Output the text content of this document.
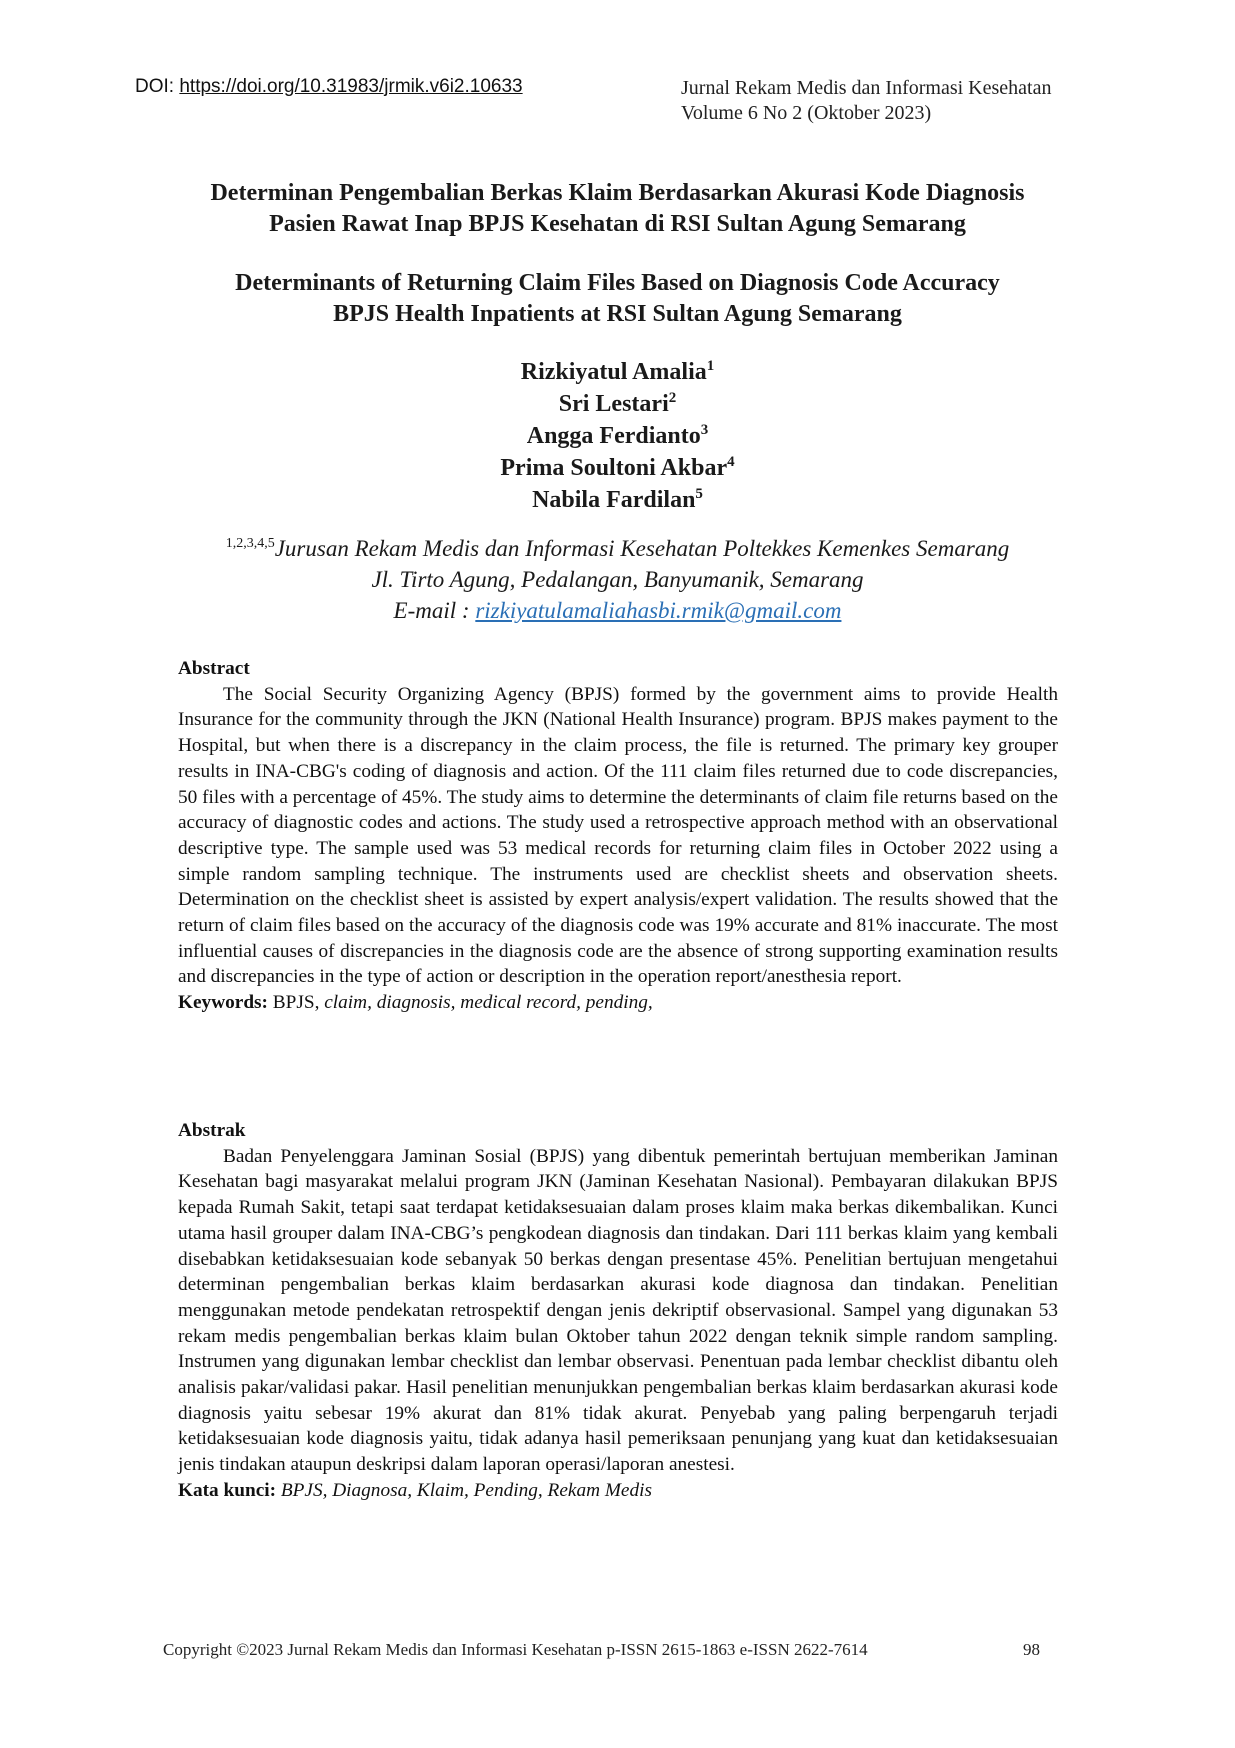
DOI: https://doi.org/10.31983/jrmik.v6i2.10633	Jurnal Rekam Medis dan Informasi Kesehatan
Volume 6 No 2 (Oktober 2023)
Determinan Pengembalian Berkas Klaim Berdasarkan Akurasi Kode Diagnosis
Pasien Rawat Inap BPJS Kesehatan di RSI Sultan Agung Semarang
Determinants of Returning Claim Files Based on Diagnosis Code Accuracy
BPJS Health Inpatients at RSI Sultan Agung Semarang
Rizkiyatul Amalia$^1$
Sri Lestari$^2$
Angga Ferdianto$^3$
Prima Soultoni Akbar$^4$
Nabila Fardilan$^5$
$^{1,2,3,4,5}$Jurusan Rekam Medis dan Informasi Kesehatan Poltekkes Kemenkes Semarang
Jl. Tirto Agung, Pedalangan, Banyumanik, Semarang
E-mail : rizkiyatulamaliahasbi.rmik@gmail.com
Abstract

The Social Security Organizing Agency (BPJS) formed by the government aims to provide Health Insurance for the community through the JKN (National Health Insurance) program. BPJS makes payment to the Hospital, but when there is a discrepancy in the claim process, the file is returned. The primary key grouper results in INA-CBG's coding of diagnosis and action. Of the 111 claim files returned due to code discrepancies, 50 files with a percentage of 45%. The study aims to determine the determinants of claim file returns based on the accuracy of diagnostic codes and actions. The study used a retrospective approach method with an observational descriptive type. The sample used was 53 medical records for returning claim files in October 2022 using a simple random sampling technique. The instruments used are checklist sheets and observation sheets. Determination on the checklist sheet is assisted by expert analysis/expert validation. The results showed that the return of claim files based on the accuracy of the diagnosis code was 19% accurate and 81% inaccurate. The most influential causes of discrepancies in the diagnosis code are the absence of strong supporting examination results and discrepancies in the type of action or description in the operation report/anesthesia report.

Keywords: BPJS, claim, diagnosis, medical record, pending,
Abstrak

Badan Penyelenggara Jaminan Sosial (BPJS) yang dibentuk pemerintah bertujuan memberikan Jaminan Kesehatan bagi masyarakat melalui program JKN (Jaminan Kesehatan Nasional). Pembayaran dilakukan BPJS kepada Rumah Sakit, tetapi saat terdapat ketidaksesuaian dalam proses klaim maka berkas dikembalikan. Kunci utama hasil grouper dalam INA-CBG’s pengkodean diagnosis dan tindakan. Dari 111 berkas klaim yang kembali disebabkan ketidaksesuaian kode sebanyak 50 berkas dengan presentase 45%. Penelitian bertujuan mengetahui determinan pengembalian berkas klaim berdasarkan akurasi kode diagnosa dan tindakan. Penelitian menggunakan metode pendekatan retrospektif dengan jenis dekriptif observasional. Sampel yang digunakan 53 rekam medis pengembalian berkas klaim bulan Oktober tahun 2022 dengan teknik simple random sampling. Instrumen yang digunakan lembar checklist dan lembar observasi. Penentuan pada lembar checklist dibantu oleh analisis pakar/validasi pakar. Hasil penelitian menunjukkan pengembalian berkas klaim berdasarkan akurasi kode diagnosis yaitu sebesar 19% akurat dan 81% tidak akurat. Penyebab yang paling berpengaruh terjadi ketidaksesuaian kode diagnosis yaitu, tidak adanya hasil pemeriksaan penunjang yang kuat dan ketidaksesuaian jenis tindakan ataupun deskripsi dalam laporan operasi/laporan anestesi.

Kata kunci: BPJS, Diagnosa, Klaim, Pending, Rekam Medis
Copyright ©2023 Jurnal Rekam Medis dan Informasi Kesehatan p-ISSN 2615-1863 e-ISSN 2622-7614	98
